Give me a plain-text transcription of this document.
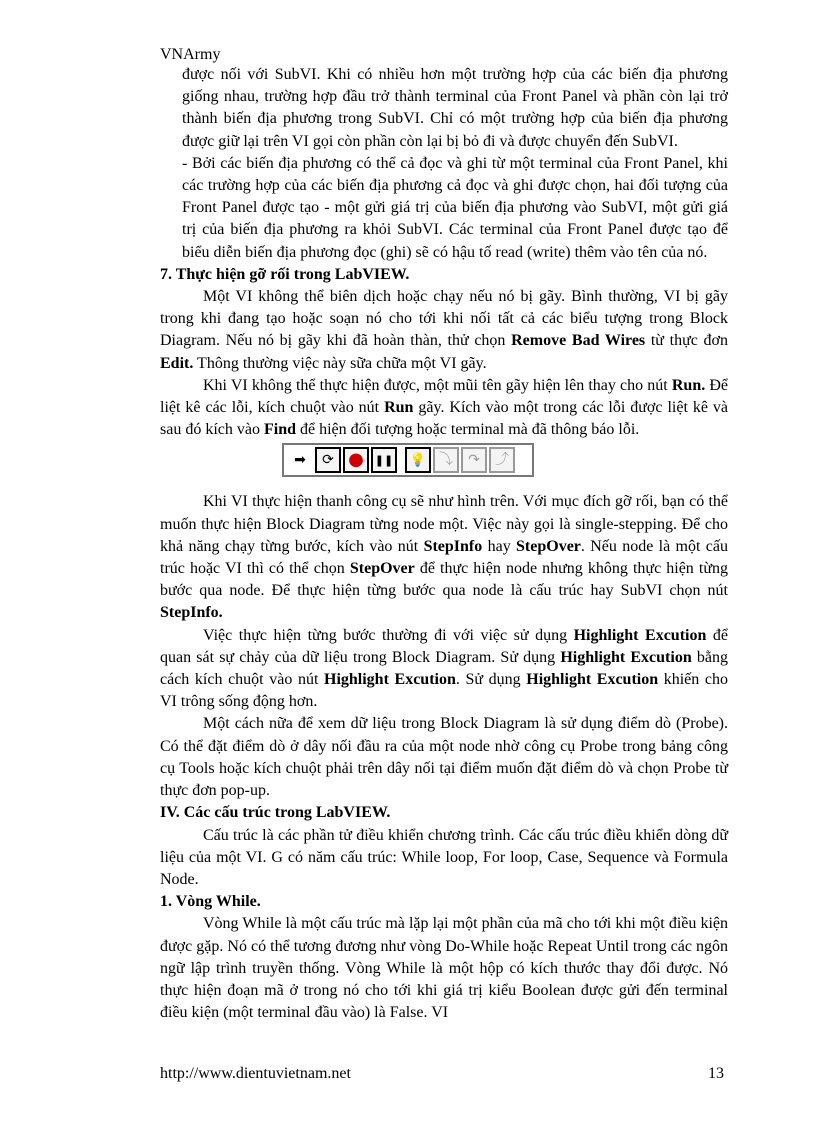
VNArmy

được nối với SubVI. Khi có nhiều hơn một trường hợp của các biến địa phương giống nhau, trường hợp đầu trở thành terminal của Front Panel và phần còn lại trở thành biến địa phương trong SubVI. Chỉ có một trường hợp của biến địa phương được giữ lại trên VI gọi còn phần còn lại bị bỏ đi và được chuyển đến SubVI.

- Bởi các biến địa phương có thể cả đọc và ghi từ một terminal của Front Panel, khi các trường hợp của các biến địa phương cả đọc và ghi được chọn, hai đối tượng của Front Panel được tạo - một gửi giá trị của biến địa phương vào SubVI, một gửi giá trị của biến địa phương ra khỏi SubVI. Các terminal của Front Panel được tạo để biểu diễn biến địa phương đọc (ghi) sẽ có hậu tố read (write) thêm vào tên của nó.

7. Thực hiện gỡ rối trong LabVIEW.

Một VI không thể biên dịch hoặc chạy nếu nó bị gãy. Bình thường, VI bị gãy trong khi đang tạo hoặc soạn nó cho tới khi nối tất cả các biểu tượng trong Block Diagram. Nếu nó bị gãy khi đã hoàn thàn, thử chọn Remove Bad Wires từ thực đơn Edit. Thông thường việc này sữa chữa một VI gãy.

Khi VI không thể thực hiện được, một mũi tên gãy hiện lên thay cho nút Run. Để liệt kê các lỗi, kích chuột vào nút Run gãy. Kích vào một trong các lỗi được liệt kê và sau đó kích vào Find để hiện đối tượng hoặc terminal mà đã thông báo lỗi.

➡	⟳ ● ❚❚	💡 ⤵	↷	⤴

Khi VI thực hiện thanh công cụ sẽ như hình trên. Với mục đích gỡ rối, bạn có thể muốn thực hiện Block Diagram từng node một. Việc này gọi là single-stepping. Để cho khả năng chạy từng bước, kích vào nút StepInfo hay StepOver. Nếu node là một cấu trúc hoặc VI thì có thể chọn StepOver để thực hiện node nhưng không thực hiện từng bước qua node. Để thực hiện từng bước qua node là cấu trúc hay SubVI chọn nút StepInfo.

Việc thực hiện từng bước thường đi với việc sử dụng Highlight Excution để quan sát sự chảy của dữ liệu trong Block Diagram. Sử dụng Highlight Excution bằng cách kích chuột vào nút Highlight Excution. Sử dụng Highlight Excution khiến cho VI trông sống động hơn.

Một cách nữa để xem dữ liệu trong Block Diagram là sử dụng điểm dò (Probe). Có thể đặt điểm dò ở dây nối đầu ra của một node nhờ công cụ Probe trong bảng công cụ Tools hoặc kích chuột phải trên dây nối tại điểm muốn đặt điểm dò và chọn Probe từ thực đơn pop-up.

IV. Các cấu trúc trong LabVIEW.

Cấu trúc là các phần tử điều khiển chương trình. Các cấu trúc điều khiển dòng dữ liệu của một VI. G có năm cấu trúc: While loop, For loop, Case, Sequence và Formula Node.

1. Vòng While.

Vòng While là một cấu trúc mà lặp lại một phần của mã cho tới khi một điều kiện được gặp. Nó có thể tương đương như vòng Do-While hoặc Repeat Until trong các ngôn ngữ lập trình truyền thống. Vòng While là một hộp có kích thước thay đổi được. Nó thực hiện đoạn mã ở trong nó cho tới khi giá trị kiểu Boolean được gửi đến terminal điều kiện (một terminal đầu vào) là False. VI

http://www.dientuvietnam.net	13
